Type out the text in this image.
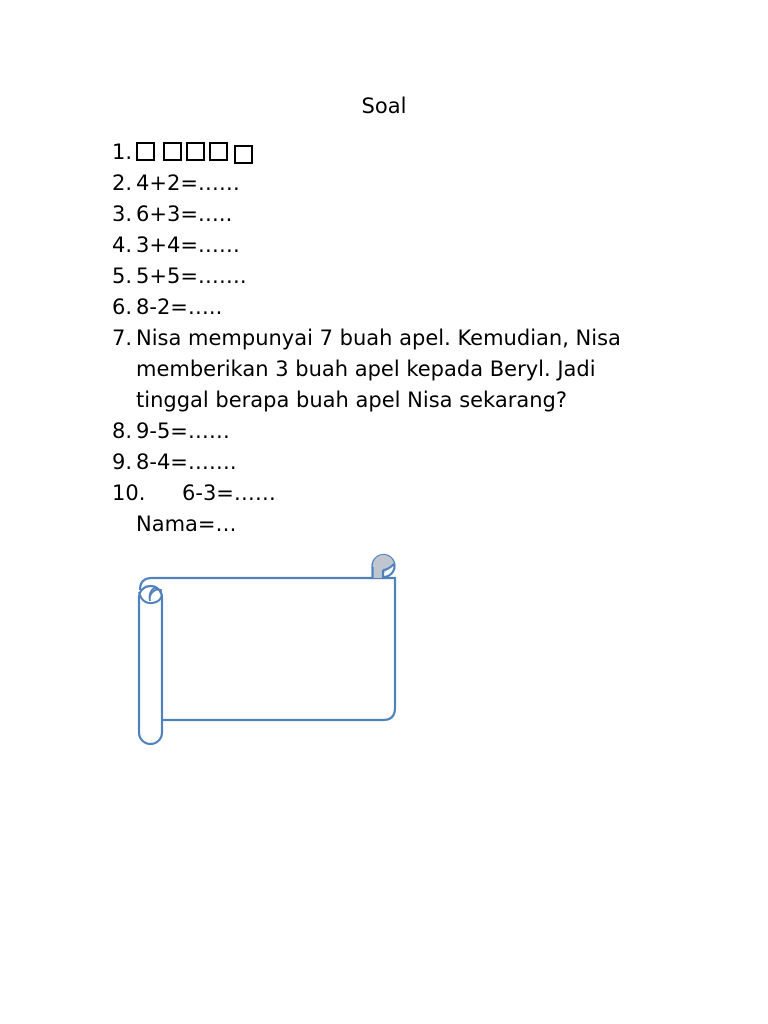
Soal
1.
2. 4+2=……
3. 6+3=…..
4. 3+4=……
5. 5+5=…….
6. 8-2=…..
7. Nisa mempunyai 7 buah apel. Kemudian, Nisa memberikan 3 buah apel kepada Beryl. Jadi tinggal berapa buah apel Nisa sekarang?
8. 9-5=……
9. 8-4=…….
10. 6-3=……
Nama=…
